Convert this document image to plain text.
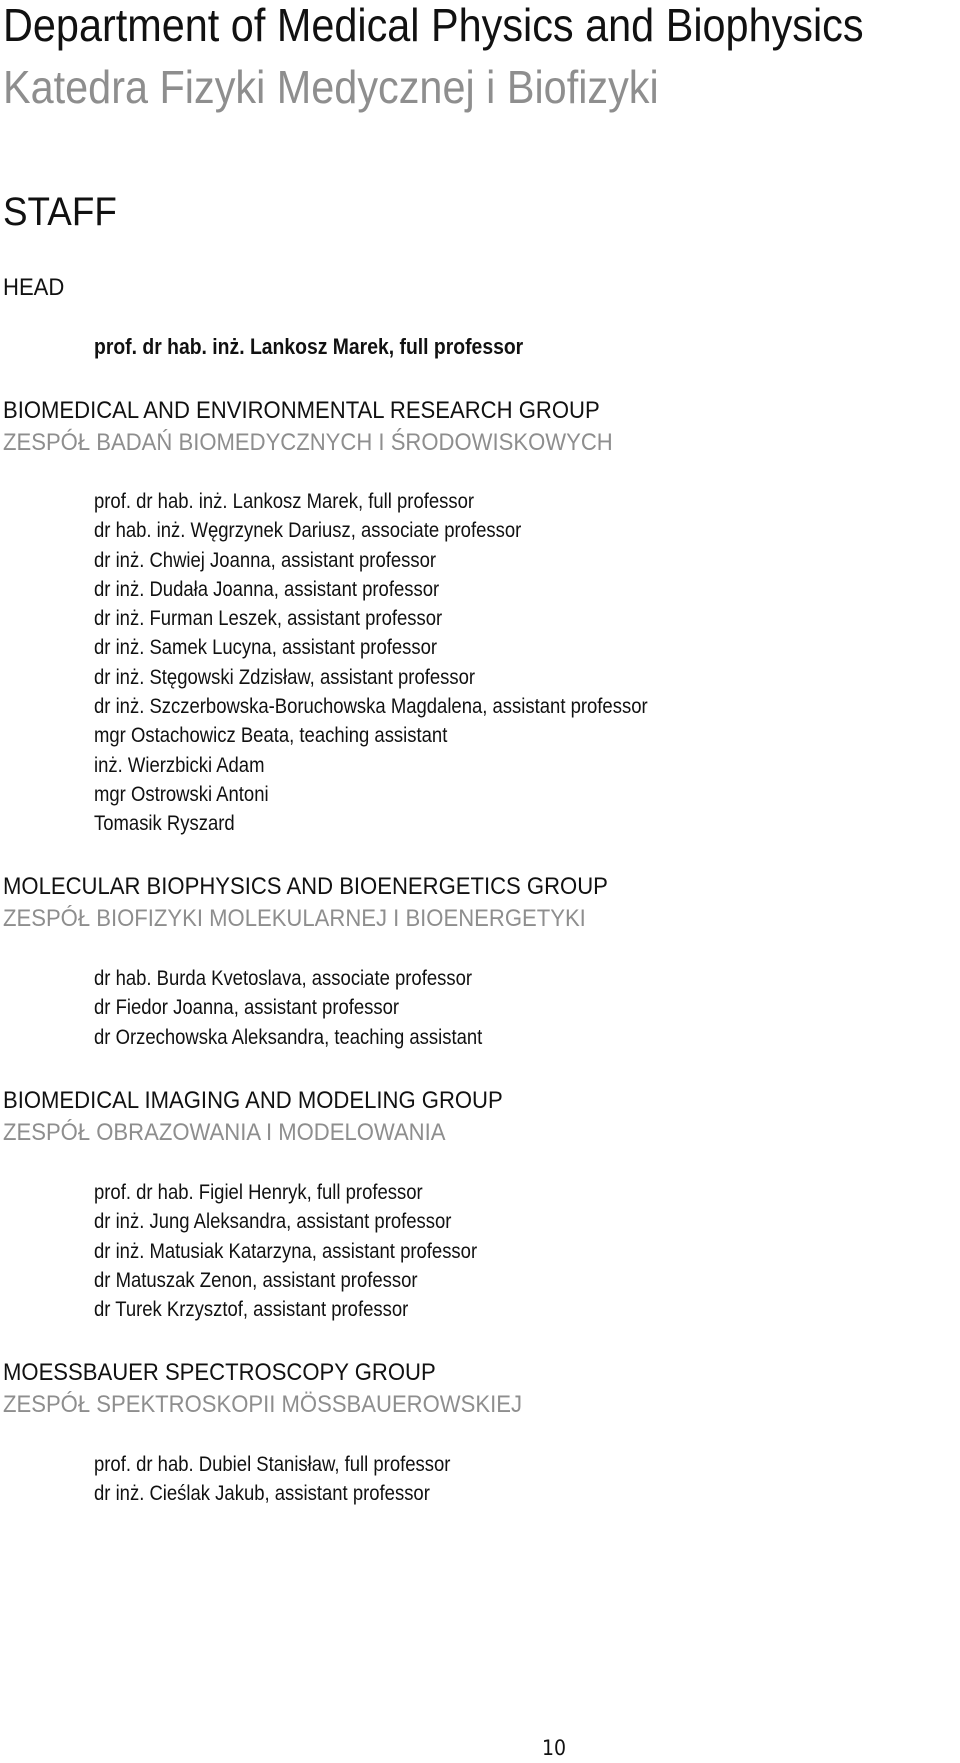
Department of Medical Physics and Biophysics
Katedra Fizyki Medycznej i Biofizyki
STAFF
HEAD
prof. dr hab. inż. Lankosz Marek, full professor
BIOMEDICAL AND ENVIRONMENTAL RESEARCH GROUP
ZESPÓŁ BADAŃ BIOMEDYCZNYCH I ŚRODOWISKOWYCH
prof. dr hab. inż. Lankosz Marek, full professor
dr hab. inż. Węgrzynek Dariusz, associate professor
dr inż. Chwiej Joanna, assistant professor
dr inż. Dudała Joanna, assistant professor
dr inż. Furman Leszek, assistant professor
dr inż. Samek Lucyna, assistant professor
dr inż. Stęgowski Zdzisław, assistant professor
dr inż. Szczerbowska-Boruchowska Magdalena, assistant professor
mgr Ostachowicz Beata, teaching assistant
inż. Wierzbicki Adam
mgr Ostrowski Antoni
Tomasik Ryszard
MOLECULAR BIOPHYSICS AND BIOENERGETICS GROUP
ZESPÓŁ BIOFIZYKI MOLEKULARNEJ I BIOENERGETYKI
dr hab. Burda Kvetoslava, associate professor
dr Fiedor Joanna, assistant professor
dr Orzechowska Aleksandra, teaching assistant
BIOMEDICAL IMAGING AND MODELING GROUP
ZESPÓŁ OBRAZOWANIA I MODELOWANIA
prof. dr hab. Figiel Henryk, full professor
dr inż. Jung Aleksandra, assistant professor
dr inż. Matusiak Katarzyna, assistant professor
dr Matuszak Zenon, assistant professor
dr Turek Krzysztof, assistant professor
MOESSBAUER SPECTROSCOPY GROUP
ZESPÓŁ SPEKTROSKOPII MÖSSBAUEROWSKIEJ
prof. dr hab. Dubiel Stanisław, full professor
dr inż. Cieślak Jakub, assistant professor
10
